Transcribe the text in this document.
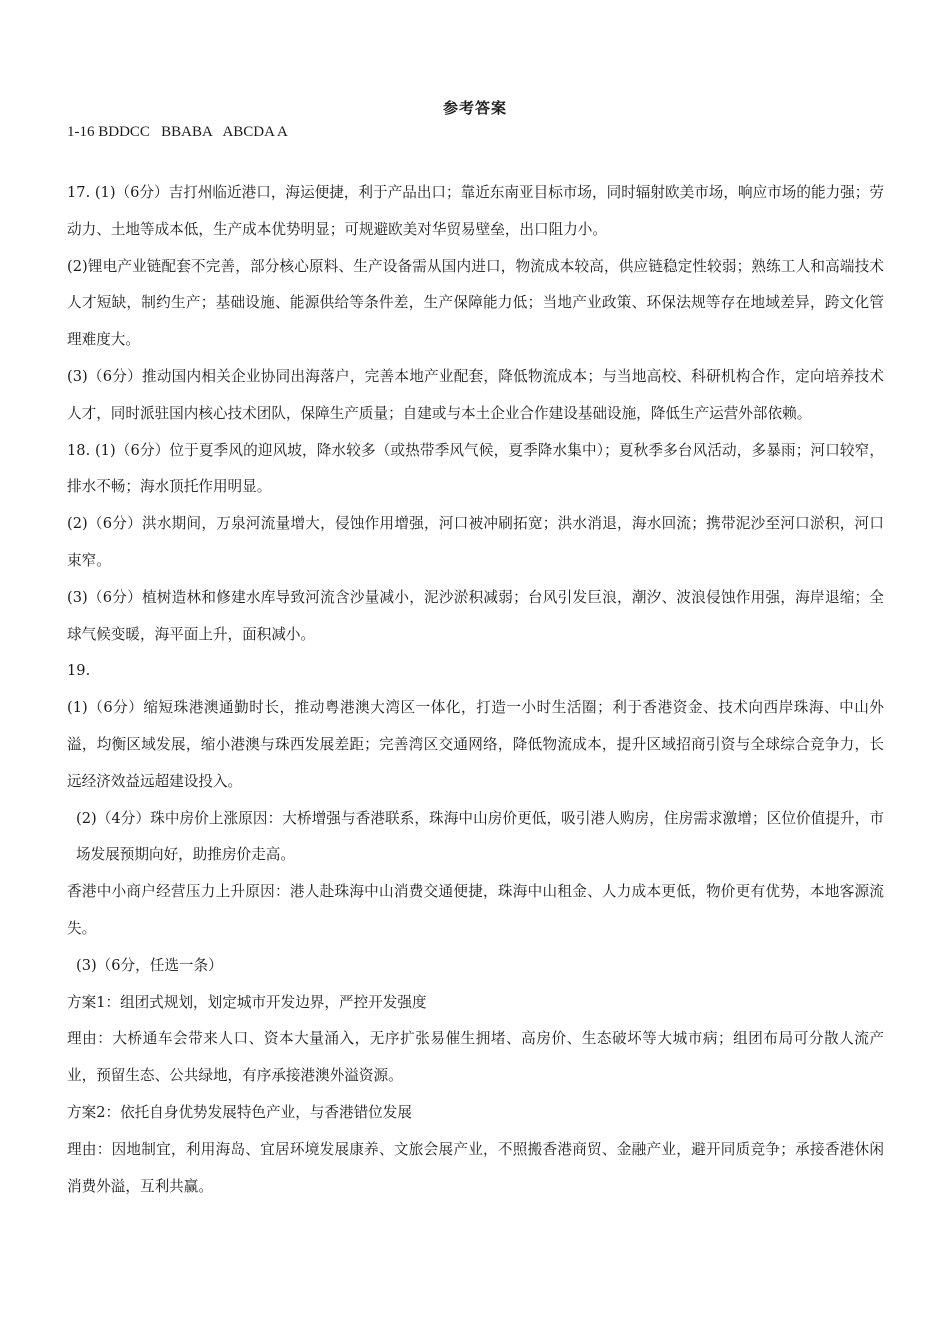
参考答案
1-16 BDDCC   BBABA   ABCDA A

17. (1)（6分）吉打州临近港口，海运便捷，利于产品出口；靠近东南亚目标市场，同时辐射欧美市场，响应市场的能力强；劳动力、土地等成本低，生产成本优势明显；可规避欧美对华贸易壁垒，出口阻力小。

(2)锂电产业链配套不完善，部分核心原料、生产设备需从国内进口，物流成本较高，供应链稳定性较弱；熟练工人和高端技术人才短缺，制约生产；基础设施、能源供给等条件差，生产保障能力低；当地产业政策、环保法规等存在地域差异，跨文化管理难度大。

(3)（6分）推动国内相关企业协同出海落户，完善本地产业配套，降低物流成本；与当地高校、科研机构合作，定向培养技术人才，同时派驻国内核心技术团队，保障生产质量；自建或与本土企业合作建设基础设施，降低生产运营外部依赖。

18. (1)（6分）位于夏季风的迎风坡，降水较多（或热带季风气候，夏季降水集中）；夏秋季多台风活动，多暴雨；河口较窄，排水不畅；海水顶托作用明显。

(2)（6分）洪水期间，万泉河流量增大，侵蚀作用增强，河口被冲刷拓宽；洪水消退，海水回流；携带泥沙至河口淤积，河口束窄。

(3)（6分）植树造林和修建水库导致河流含沙量减小，泥沙淤积减弱；台风引发巨浪，潮汐、波浪侵蚀作用强，海岸退缩；全球气候变暖，海平面上升，面积减小。

19.

(1)（6分）缩短珠港澳通勤时长，推动粤港澳大湾区一体化，打造一小时生活圈；利于香港资金、技术向西岸珠海、中山外溢，均衡区域发展，缩小港澳与珠西发展差距；完善湾区交通网络，降低物流成本，提升区域招商引资与全球综合竞争力，长远经济效益远超建设投入。

(2)（4分）珠中房价上涨原因：大桥增强与香港联系，珠海中山房价更低，吸引港人购房，住房需求激增；区位价值提升，市场发展预期向好，助推房价走高。

香港中小商户经营压力上升原因：港人赴珠海中山消费交通便捷，珠海中山租金、人力成本更低，物价更有优势，本地客源流失。

(3)（6分，任选一条）

方案1：组团式规划，划定城市开发边界，严控开发强度

理由：大桥通车会带来人口、资本大量涌入，无序扩张易催生拥堵、高房价、生态破坏等大城市病；组团布局可分散人流产业，预留生态、公共绿地，有序承接港澳外溢资源。

方案2：依托自身优势发展特色产业，与香港错位发展

理由：因地制宜，利用海岛、宜居环境发展康养、文旅会展产业，不照搬香港商贸、金融产业，避开同质竞争；承接香港休闲消费外溢，互利共赢。
